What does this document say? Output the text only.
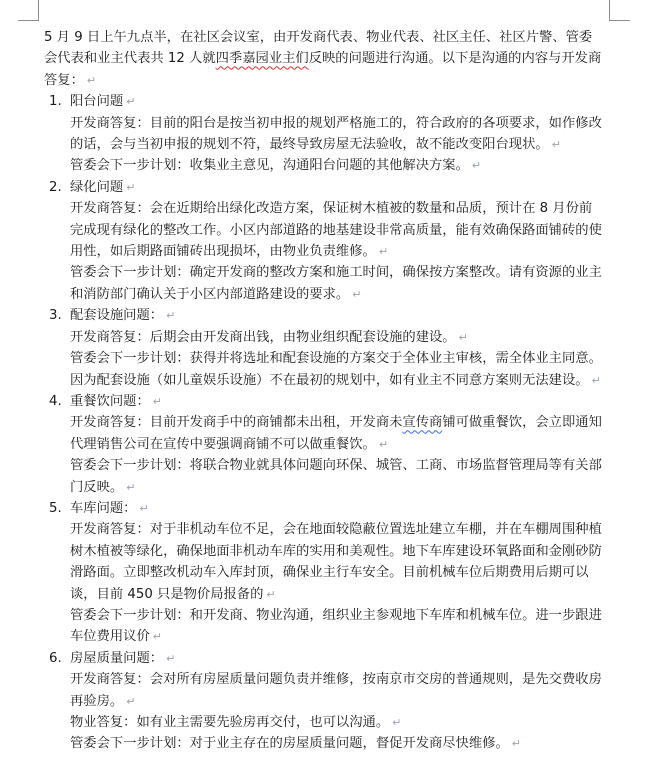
5 月 9 日上午九点半，在社区会议室，由开发商代表、物业代表、社区主任、社区片警、管委会代表和业主代表共 12 人就四季嘉园业主们反映的问题进行沟通。以下是沟通的内容与开发商答复： ↵

1. 阳台问题 ↵

开发商答复：目前的阳台是按当初申报的规划严格施工的，符合政府的各项要求，如作修改的话，会与当初申报的规划不符，最终导致房屋无法验收，故不能改变阳台现状。 ↵

管委会下一步计划：收集业主意见，沟通阳台问题的其他解决方案。 ↵

2. 绿化问题 ↵

开发商答复：会在近期给出绿化改造方案，保证树木植被的数量和品质，预计在 8 月份前完成现有绿化的整改工作。小区内部道路的地基建设非常高质量，能有效确保路面铺砖的使用性，如后期路面铺砖出现损坏，由物业负责维修。 ↵

管委会下一步计划：确定开发商的整改方案和施工时间，确保按方案整改。请有资源的业主和消防部门确认关于小区内部道路建设的要求。 ↵

3. 配套设施问题： ↵

开发商答复：后期会由开发商出钱，由物业组织配套设施的建设。 ↵

管委会下一步计划：获得并将选址和配套设施的方案交于全体业主审核，需全体业主同意。因为配套设施（如儿童娱乐设施）不在最初的规划中，如有业主不同意方案则无法建设。 ↵

4. 重餐饮问题： ↵

开发商答复：目前开发商手中的商铺都未出租，开发商未宣传商铺可做重餐饮，会立即通知代理销售公司在宣传中要强调商铺不可以做重餐饮。 ↵

管委会下一步计划：将联合物业就具体问题向环保、城管、工商、市场监督管理局等有关部门反映。 ↵

5. 车库问题： ↵

开发商答复：对于非机动车位不足，会在地面较隐蔽位置选址建立车棚，并在车棚周围种植树木植被等绿化，确保地面非机动车库的实用和美观性。地下车库建设环氧路面和金刚砂防滑路面。立即整改机动车入库封顶，确保业主行车安全。目前机械车位后期费用后期可以谈，目前 450 只是物价局报备的 ↵

管委会下一步计划：和开发商、物业沟通，组织业主参观地下车库和机械车位。进一步跟进车位费用议价 ↵

6. 房屋质量问题： ↵

开发商答复：会对所有房屋质量问题负责并维修，按南京市交房的普通规则，是先交费收房再验房。 ↵

物业答复：如有业主需要先验房再交付，也可以沟通。 ↵

管委会下一步计划：对于业主存在的房屋质量问题，督促开发商尽快维修。 ↵
